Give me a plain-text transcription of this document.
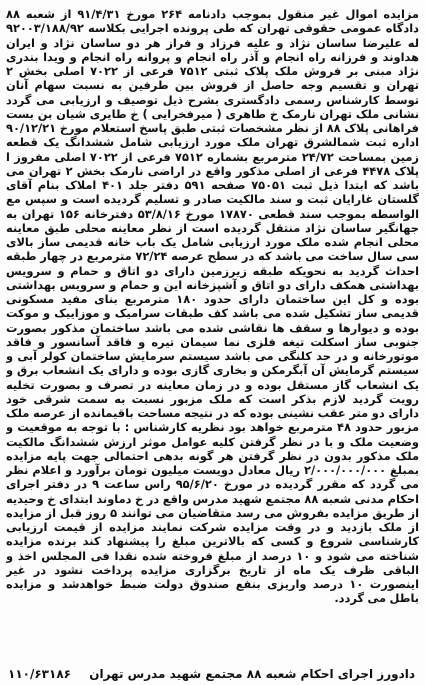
مزایده اموال غیر منقول بموجب دادنامه ۲۶۴ مورخ ۹۱/۴/۳۱ از شعبه ۸۸ دادگاه عمومی حقوقی تهران که طی پرونده اجرایی بکلاسه ۹۲۰۰۳/۱۸۸/۹۲ له علیرضا ساسان نژاد و علیه فرزاد و فراز هر دو ساسان نژاد و ایران هداوند و فرزانه راه انجام و آذر راه انجام و پروانه راه انجام و ویدا بندری نژاد مبنی بر فروش ملک پلاک ثبتی ۷۵۱۲ فرعی از ۷۰۲۲ اصلی بخش ۲ تهران و تقسیم وجه حاصل از فروش بین طرفین به نسبت سهام آنان توسط کارشناس رسمی دادگستری بشرح ذیل توصیف و ارزیابی می گردد نشانی ملک تهران نارمک خ طاهری ( میرفخرایی ) خ طایری شیان بن بست فراهانی پلاک ۸۸ از نظر مشخصات ثبتی طبق پاسخ استعلام مورخ ۹۰/۱۲/۲۱ اداره ثبت شمالشرق تهران ملک مورد ارزیابی شامل ششدانگ یک قطعه زمین بمساحت ۲۴/۷۲ مترمربع بشماره ۷۵۱۲ فرعی از ۷۰۲۲ اصلی مفروز ا پلاک ۴۴۷۸ فرعی از اصلی مذکور واقع در اراضی نارمک بخش ۲ تهران می باشد که ابتدا ذیل ثبت ۷۵۰۵۱ صفحه ۵۹۱ دفتر جلد ۴۰۱ املاک بنام آقای گلستان غارایان ثبت و سند مالکیت صادر و تسلیم گردیده است و سپس مع الواسطه بموجب سند قطعی ۱۷۸۷۰ مورخ ۵۳/۸/۱۶ دفترخانه ۱۵۶ تهران به جهانگیر ساسان نژاد منتقل گردیده است از نظر معاینه محلی طبق معاینه محلی انجام شده ملک مورد ارزیابی شامل یک باب خانه قدیمی ساز بالای سی سال ساخت می باشد که در سطح عرصه ۷۲/۲۴ مترمربع در چهار طبقه احداث گردید به نحویکه طبقه زیرزمین دارای دو اتاق و حمام و سرویس بهداشتی همکف دارای دو اتاق و آشپزخانه این و حمام و سرویس بهداشتی بوده و کل این ساختمان دارای حدود ۱۸۰ مترمربع بنای مفید مسکونی قدیمی ساز تشکیل شده می باشد کف طبقات سرامیک و موزاییک و موکت بوده و دیوارها و سقف ها نقاشی شده می باشد ساختمان مذکور بصورت جنوبی ساز اسکلت تیغه فلزی نما سیمان تیره و فاقد آسانسور و فاقد موتورخانه و در حد کلنگی می باشد سیستم سرمایش ساختمان کولر آبی و سیستم گرمایش آن آبگرمکن و بخاری گازی بوده و دارای یک انشعاب برق و یک انشعاب گاز مستقل بوده و در زمان معاینه در تصرف و بصورت تخلیه رویت گردید لازم بذکر است که ملک مزبور نسبت به سمت شرقی خود دارای دو متر عقب نشینی بوده که در نتیجه مساحت باقیمانده از عرصه ملک مزبور حدود ۴۸ مترمربع خواهد بود نظریه کارشناس : با توجه به موقعیت و وضعیت ملک و با در نظر گرفتن کلیه عوامل موثر ارزش ششدانگ مالکیت ملک مذکور بدون در نظر گرفتن هر گونه بدهی احتمالی جهت پایه مزایده بمبلغ ۲/۰۰۰/۰۰۰/۰۰۰ ریال معادل دویست میلیون تومان برآورد و اعلام نظر می گردد که مقرر گردیده در مورخ ۹۵/۶/۲۰ راس ساعت ۹ در دفتر اجرای احکام مدنی شعبه ۸۸ مجتمع شهید مدرس واقع در خ دماوند ابتدای خ وحیدیه از طریق مزایده بفروش می رسد متقاضیان می توانند ۵ روز قبل از مزایده از ملک بازدید و در وقت مزایده شرکت نمایند مزایده از قیمت ارزیابی کارشناسی شروع و کسی که بالاترین مبلغ را پیشنهاد کند برنده مزایده شناخته می شود و ۱۰ درصد از مبلغ فروخته شده نقدا فی المجلس اخذ و الباقی ظرف یک ماه از تاریخ برگزاری مزایده پرداخت نشود در غیر اینصورت ۱۰ درصد واریزی بنفع صندوق دولت ضبط خواهدشد و مزایده باطل می گردد.

دادورز اجرای احکام شعبه ۸۸ مجتمع شهید مدرس تهران
۱۱۰/۶۳۱۸۶
